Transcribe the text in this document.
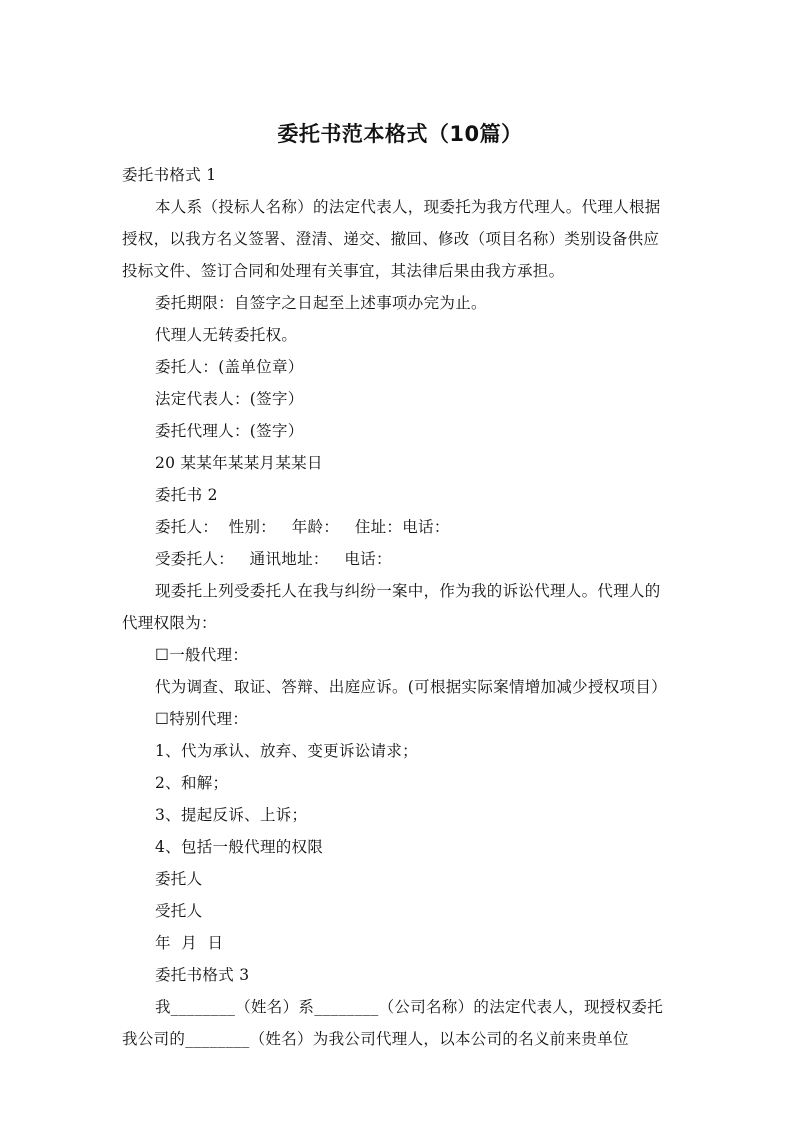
委托书范本格式（10篇）

委托书格式 1

本人系（投标人名称）的法定代表人，现委托为我方代理人。代理人根据

授权，以我方名义签署、澄清、递交、撤回、修改（项目名称）类别设备供应

投标文件、签订合同和处理有关事宜，其法律后果由我方承担。

委托期限：自签字之日起至上述事项办完为止。

代理人无转委托权。

委托人：(盖单位章）

法定代表人：(签字）

委托代理人：(签字）

20 某某年某某月某某日

委托书 2

委托人：  性别：   年龄：   住址：电话：

受委托人：   通讯地址：   电话：

现委托上列受委托人在我与纠纷一案中，作为我的诉讼代理人。代理人的

代理权限为：

☐一般代理：

代为调查、取证、答辩、出庭应诉。(可根据实际案情增加减少授权项目）

☐特别代理：

1、代为承认、放弃、变更诉讼请求；

2、和解；

3、提起反诉、上诉；

4、包括一般代理的权限

委托人

受托人

年  月  日

委托书格式 3

我________（姓名）系________（公司名称）的法定代表人，现授权委托

我公司的________（姓名）为我公司代理人，以本公司的名义前来贵单位
